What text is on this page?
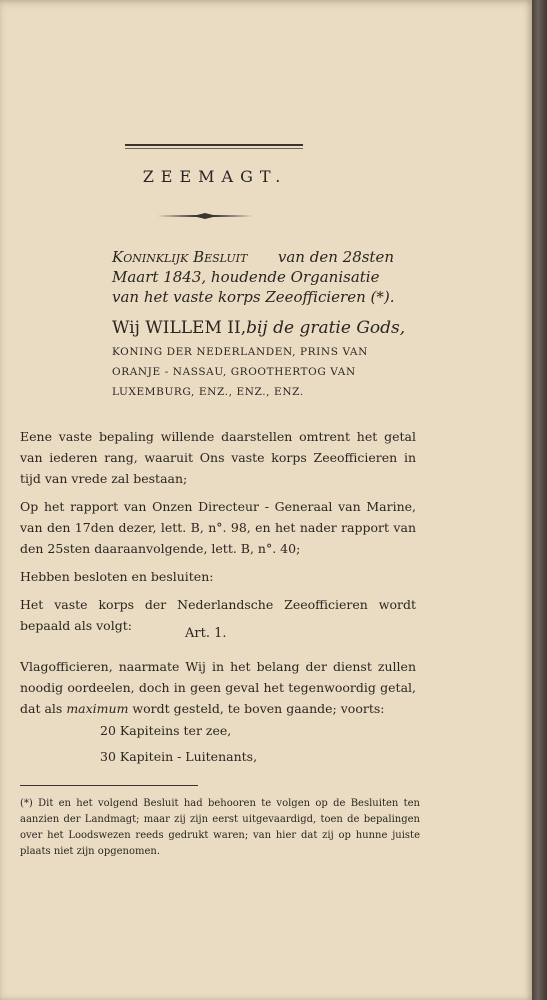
ZEEMAGT.
Koninklijk Besluit van den 28sten
Maart 1843, houdende Organisatie
van het vaste korps Zeeofficieren (*).
Wij WILLEM II, bij de gratie Gods,
KONING DER NEDERLANDEN, PRINS VAN
ORANJE - NASSAU, GROOTHERTOG VAN
LUXEMBURG, ENZ., ENZ., ENZ.
Eene vaste bepaling willende daarstellen omtrent het getal van iederen rang, waaruit Ons vaste korps Zeeofficieren in tijd van vrede zal bestaan;
Op het rapport van Onzen Directeur - Generaal van Marine, van den 17den dezer, lett. B, n°. 98, en het nader rapport van den 25sten daaraanvolgende, lett. B, n°. 40;
Hebben besloten en besluiten:
Het vaste korps der Nederlandsche Zeeofficieren wordt bepaald als volgt:
Art. 1.
Vlagofficieren, naarmate Wij in het belang der dienst zullen noodig oordeelen, doch in geen geval het tegenwoordig getal, dat als maximum wordt gesteld, te boven gaande; voorts:
20 Kapiteins ter zee,
30 Kapitein - Luitenants,
(*) Dit en het volgend Besluit had behooren te volgen op de Besluiten ten aanzien der Landmagt; maar zij zijn eerst uitgevaardigd, toen de bepalingen over het Loodswezen reeds gedrukt waren; van hier dat zij op hunne juiste plaats niet zijn opgenomen.
